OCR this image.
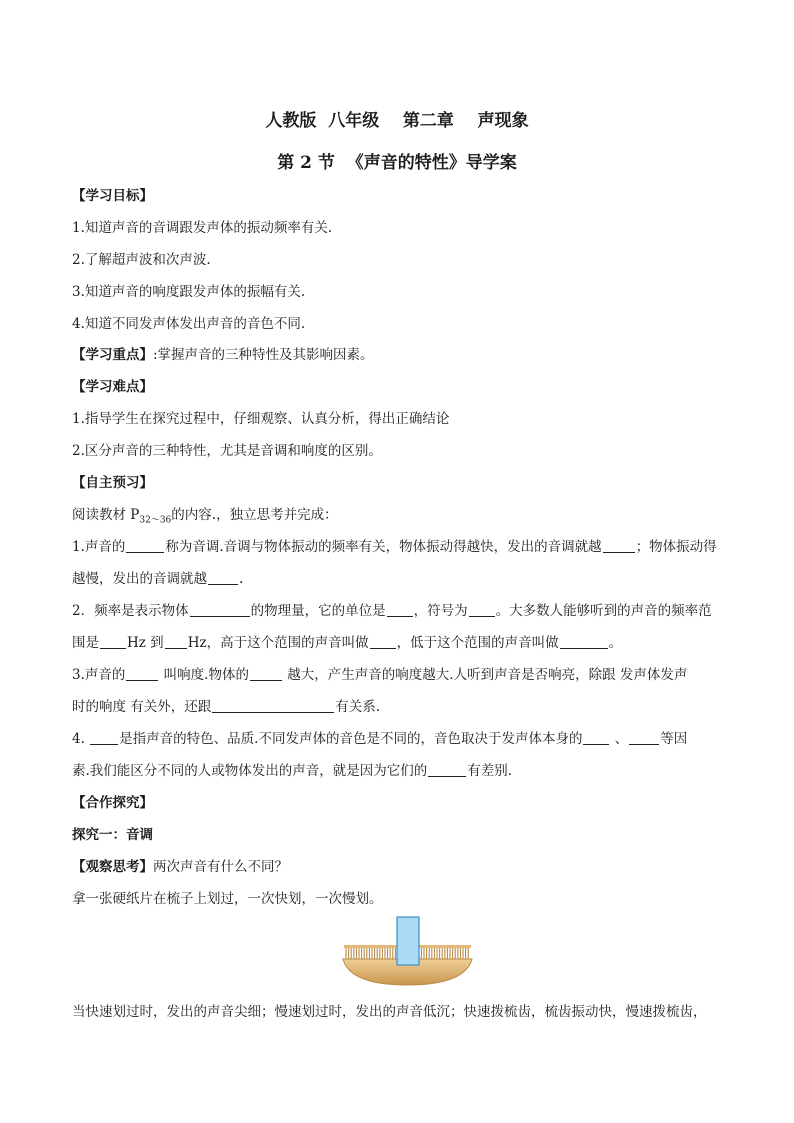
人教版  八年级    第二章    声现象
第 2 节  《声音的特性》导学案
【学习目标】
1.知道声音的音调跟发声体的振动频率有关.
2.了解超声波和次声波.
3.知道声音的响度跟发声体的振幅有关.
4.知道不同发声体发出声音的音色不同.
【学习重点】:掌握声音的三种特性及其影响因素。
【学习难点】
1.指导学生在探究过程中，仔细观察、认真分析，得出正确结论
2.区分声音的三种特性，尤其是音调和响度的区别。
【自主预习】
阅读教材 $P_{32\sim 36}$的内容.，独立思考并完成：
1.声音的	称为音调.音调与物体振动的频率有关，物体振动得越快，发出的音调就越	；物体振动得
越慢，发出的音调就越 .
2．频率是表示物体	的物理量，它的单位是 ，符号为 。大多数人能够听到的声音的频率范
围是 Hz 到 Hz，高于这个范围的声音叫做 ，低于这个范围的声音叫做	。
3.声音的	叫响度.物体的	越大，产生声音的响度越大.人听到声音是否响亮，除跟 发声体发声
时的响度 有关外，还跟	有关系.
4. 是指声音的特色、品质.不同发声体的音色是不同的，音色取决于发声体本身的 、 等因
素.我们能区分不同的人或物体发出的声音，就是因为它们的	有差别.
【合作探究】
探究一：音调
【观察思考】两次声音有什么不同？
拿一张硬纸片在梳子上划过，一次快划，一次慢划。
当快速划过时，发出的声音尖细；慢速划过时，发出的声音低沉；快速拨梳齿，梳齿振动快，慢速拨梳齿，
